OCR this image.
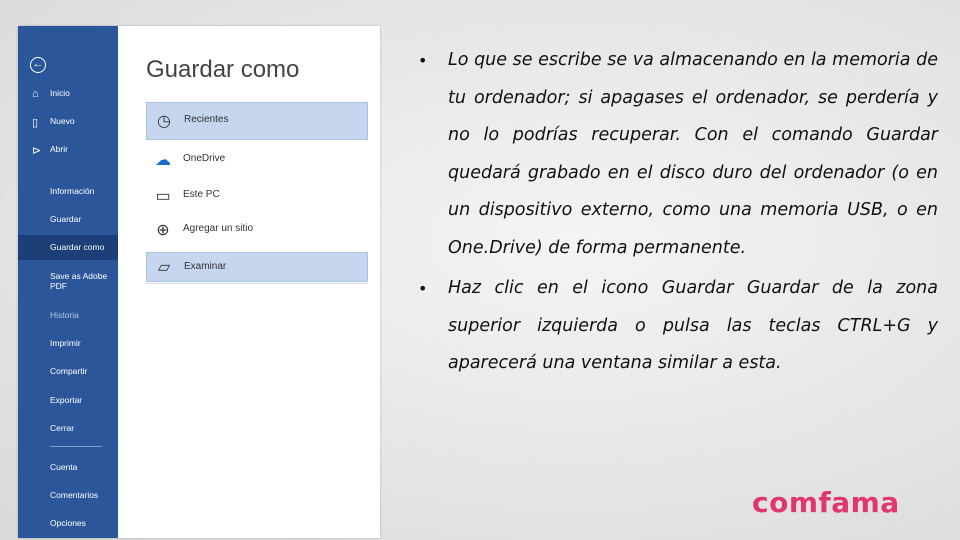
←
⌂ Inicio
▯ Nuevo
⊳ Abrir
Información
Guardar
Guardar como
Save as Adobe PDF
Historia
Imprimir
Compartir
Exportar
Cerrar
Cuenta
Comentarios
Opciones
Guardar como
◷	Recientes
☁	OneDrive
▭	Este PC
⊕	Agregar un sitio
▱	Examinar

• Lo que se escribe se va almacenando en la memoria de tu ordenador; si apagases el ordenador, se perdería y no lo podrías recuperar. Con el comando Guardar quedará grabado en el disco duro del ordenador (o en un dispositivo externo, como una memoria USB, o en One.Drive) de forma permanente.

• Haz clic en el icono Guardar Guardar de la zona superior izquierda o pulsa las teclas CTRL+G y aparecerá una ventana similar a esta.

comfama
